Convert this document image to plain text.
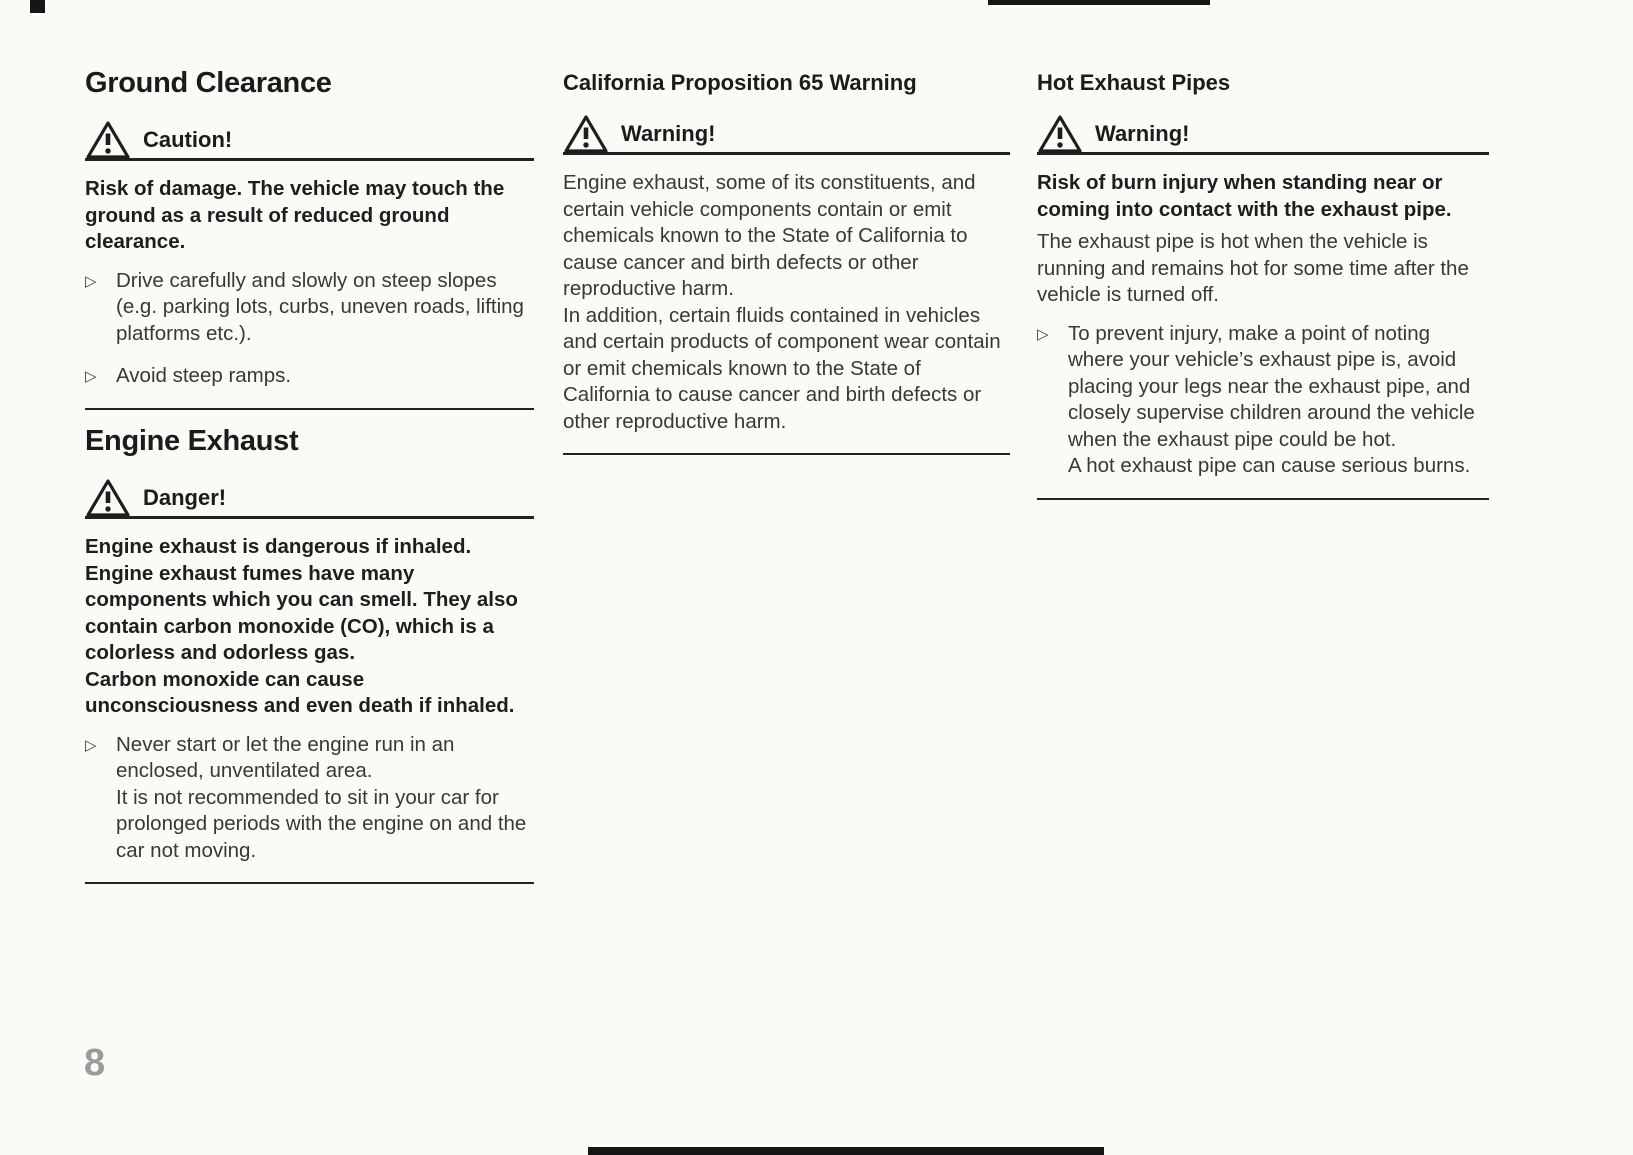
8
Ground Clearance
Caution!
Risk of damage. The vehicle may touch the ground as a result of reduced ground clearance.
▷ Drive carefully and slowly on steep slopes (e.g. parking lots, curbs, uneven roads, lifting platforms etc.).
▷ Avoid steep ramps.
Engine Exhaust
Danger!
Engine exhaust is dangerous if inhaled.
Engine exhaust fumes have many components which you can smell. They also contain carbon monoxide (CO), which is a colorless and odorless gas.
Carbon monoxide can cause unconsciousness and even death if inhaled.
▷ Never start or let the engine run in an enclosed, unventilated area.
It is not recommended to sit in your car for prolonged periods with the engine on and the car not moving.
California Proposition 65 Warning
Warning!
Engine exhaust, some of its constituents, and certain vehicle components contain or emit chemicals known to the State of California to cause cancer and birth defects or other reproductive harm.
In addition, certain fluids contained in vehicles and certain products of component wear contain or emit chemicals known to the State of California to cause cancer and birth defects or other reproductive harm.
Hot Exhaust Pipes
Warning!
Risk of burn injury when standing near or coming into contact with the exhaust pipe.
The exhaust pipe is hot when the vehicle is running and remains hot for some time after the vehicle is turned off.
▷ To prevent injury, make a point of noting where your vehicle’s exhaust pipe is, avoid placing your legs near the exhaust pipe, and closely supervise children around the vehicle when the exhaust pipe could be hot.
A hot exhaust pipe can cause serious burns.
